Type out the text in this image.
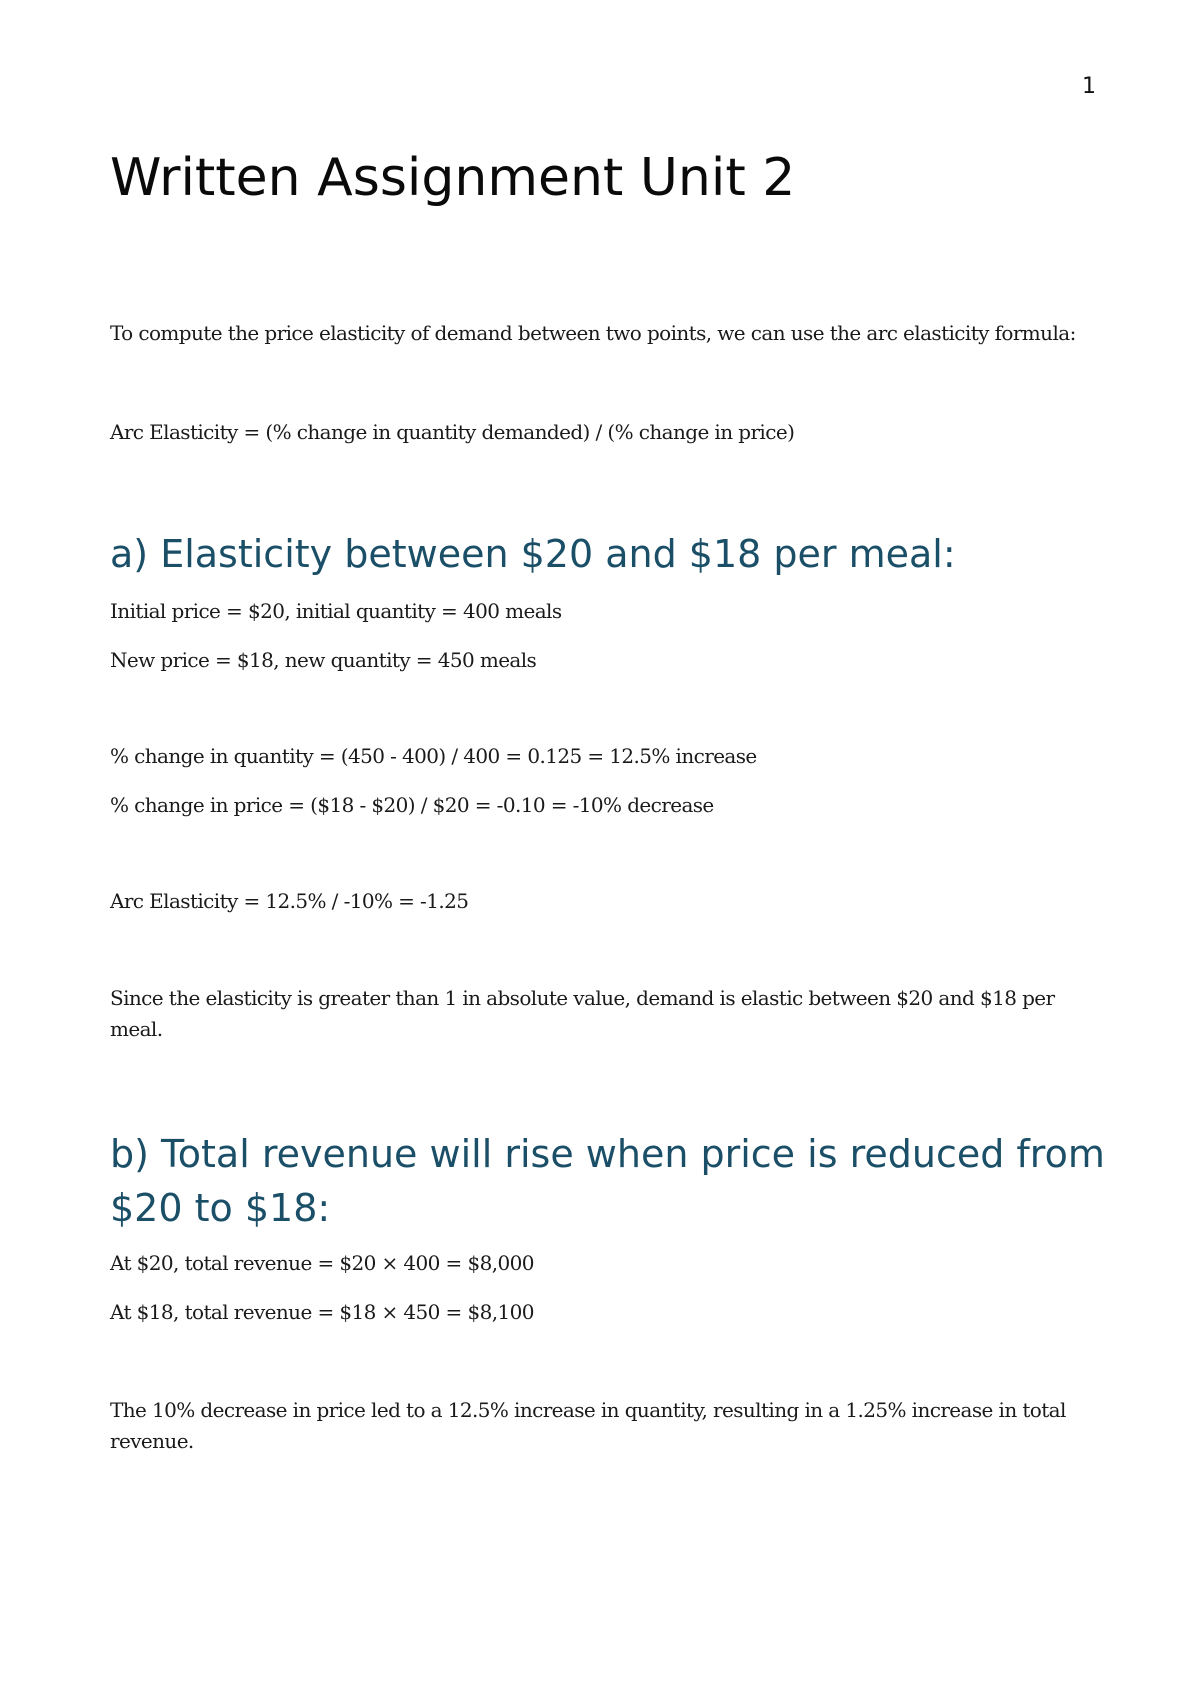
1
Written Assignment Unit 2

To compute the price elasticity of demand between two points, we can use the arc elasticity formula:

Arc Elasticity = (% change in quantity demanded) / (% change in price)

a) Elasticity between $20 and $18 per meal:

Initial price = $20, initial quantity = 400 meals

New price = $18, new quantity = 450 meals

% change in quantity = (450 - 400) / 400 = 0.125 = 12.5% increase

% change in price = ($18 - $20) / $20 = -0.10 = -10% decrease

Arc Elasticity = 12.5% / -10% = -1.25

Since the elasticity is greater than 1 in absolute value, demand is elastic between $20 and $18 per meal.

b) Total revenue will rise when price is reduced from $20 to $18:

At $20, total revenue = $20 × 400 = $8,000

At $18, total revenue = $18 × 450 = $8,100

The 10% decrease in price led to a 12.5% increase in quantity, resulting in a 1.25% increase in total revenue.
